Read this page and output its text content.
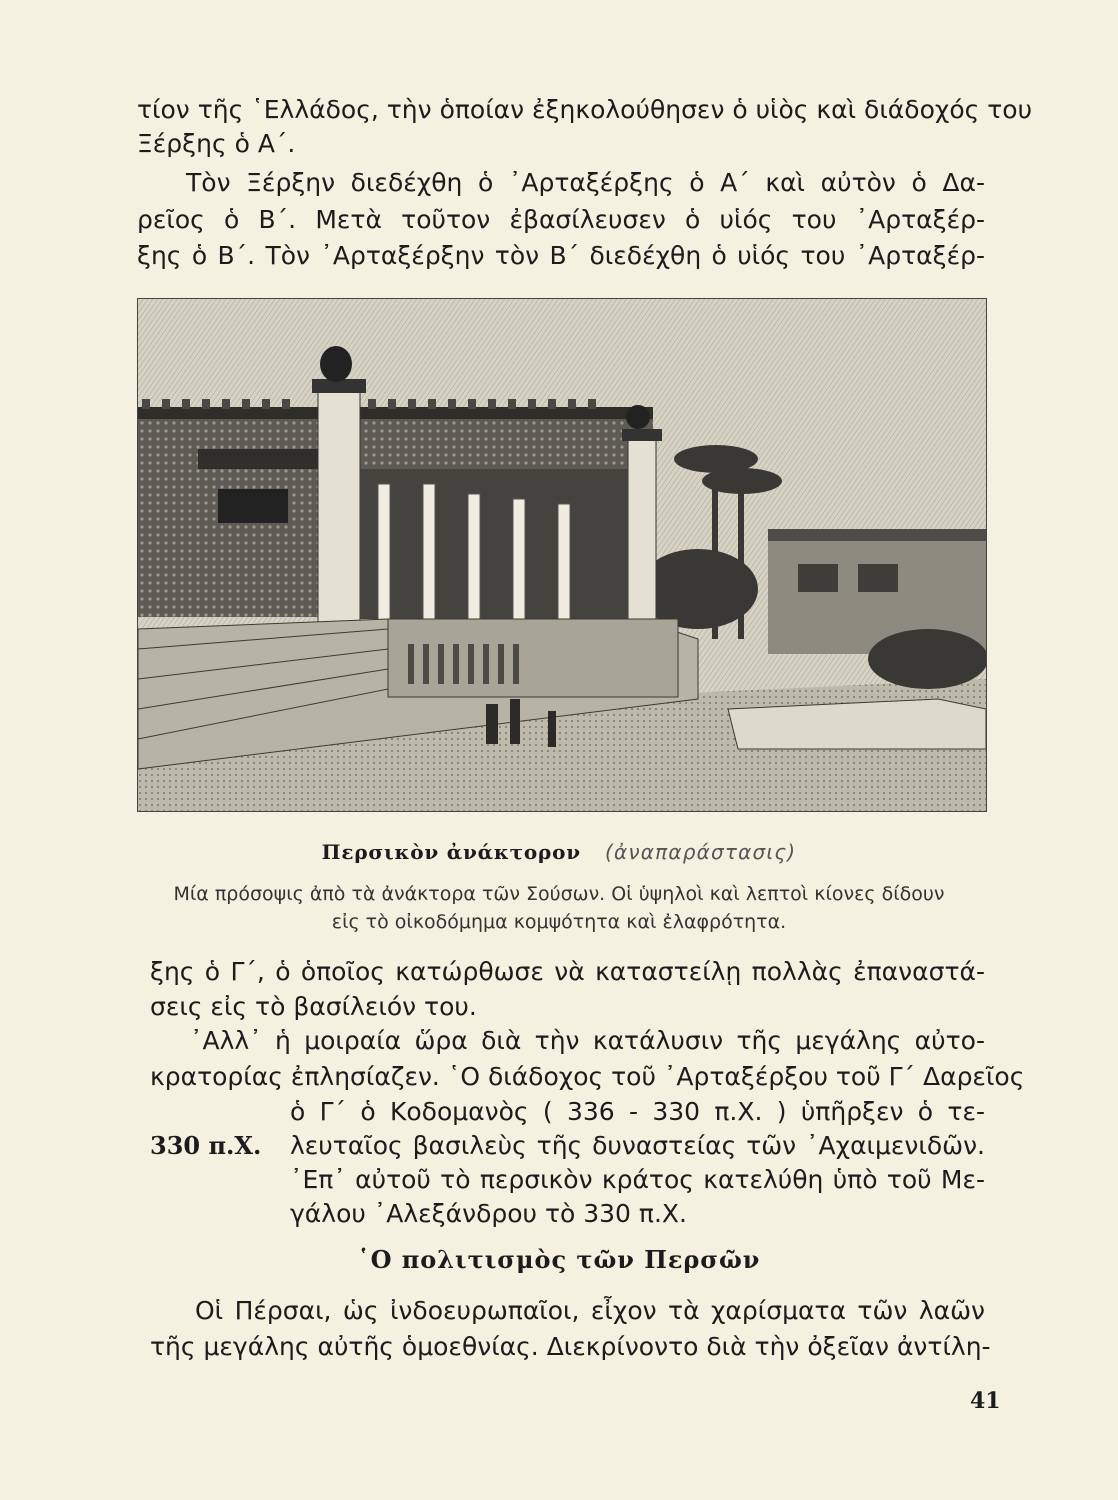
τίον τῆς ῾Ελλάδος, τὴν ὁποίαν ἐξηκολούθησεν ὁ υἱὸς καὶ διάδοχός του
Ξέρξης ὁ Α΄.
Τὸν Ξέρξην διεδέχθη ὁ ᾿Αρταξέρξης ὁ Α΄ καὶ αὐτὸν ὁ Δα-
ρεῖος ὁ Β΄. Μετὰ τοῦτον ἐβασίλευσεν ὁ υἱός του ᾿Αρταξέρ-
ξης ὁ Β΄. Τὸν ᾿Αρταξέρξην τὸν Β΄ διεδέχθη ὁ υἱός του ᾿Αρταξέρ-
Περσικὸν ἀνάκτορον (ἀναπαράστασις)
Μία πρόσοψις ἀπὸ τὰ ἀνάκτορα τῶν Σούσων. Οἱ ὑψηλοὶ καὶ λεπτοὶ κίονες δίδουν
εἰς τὸ οἰκοδόμημα κομψότητα καὶ ἐλαφρότητα.
ξης ὁ Γ΄, ὁ ὁποῖος κατώρθωσε νὰ καταστείλῃ πολλὰς ἐπαναστά-
σεις εἰς τὸ βασίλειόν του.
᾿Αλλ᾿ ἡ μοιραία ὥρα διὰ τὴν κατάλυσιν τῆς μεγάλης αὐτο-
κρατορίας ἐπλησίαζεν. ῾Ο διάδοχος τοῦ ᾿Αρταξέρξου τοῦ Γ΄ Δαρεῖος
ὁ Γ΄ ὁ Κοδομανὸς ( 336 - 330 π.Χ. ) ὑπῆρξεν ὁ τε-
λευταῖος βασιλεὺς τῆς δυναστείας τῶν ᾿Αχαιμενιδῶν.
᾿Επ᾿ αὐτοῦ τὸ περσικὸν κράτος κατελύθη ὑπὸ τοῦ Με-
γάλου ᾿Αλεξάνδρου τὸ 330 π.Χ.
330 π.Χ.
῾Ο πολιτισμὸς τῶν Περσῶν
Οἱ Πέρσαι, ὡς ἰνδοευρωπαῖοι, εἶχον τὰ χαρίσματα τῶν λαῶν
τῆς μεγάλης αὐτῆς ὁμοεθνίας. Διεκρίνοντο διὰ τὴν ὀξεῖαν ἀντίλη-
41
